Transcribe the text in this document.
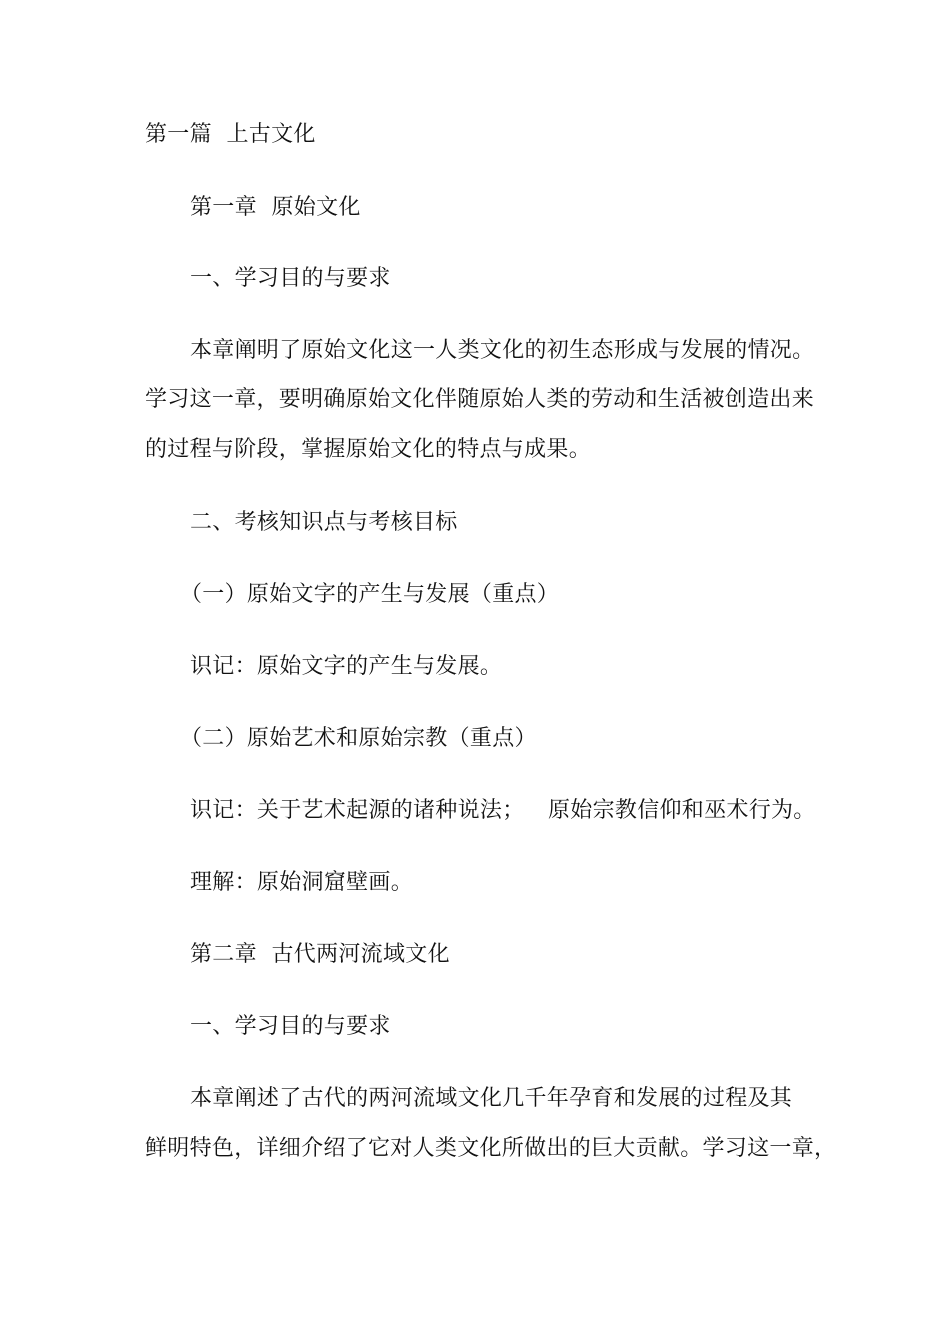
第一篇  上古文化
第一章  原始文化
一、学习目的与要求
本章阐明了原始文化这一人类文化的初生态形成与发展的情况。
学习这一章，要明确原始文化伴随原始人类的劳动和生活被创造出来
的过程与阶段，掌握原始文化的特点与成果。
二、考核知识点与考核目标
（一）原始文字的产生与发展（重点）
识记：原始文字的产生与发展。
（二）原始艺术和原始宗教（重点）
识记：关于艺术起源的诸种说法； 原始宗教信仰和巫术行为。
理解：原始洞窟壁画。
第二章  古代两河流域文化
一、学习目的与要求
本章阐述了古代的两河流域文化几千年孕育和发展的过程及其
鲜明特色，详细介绍了它对人类文化所做出的巨大贡献。学习这一章，
